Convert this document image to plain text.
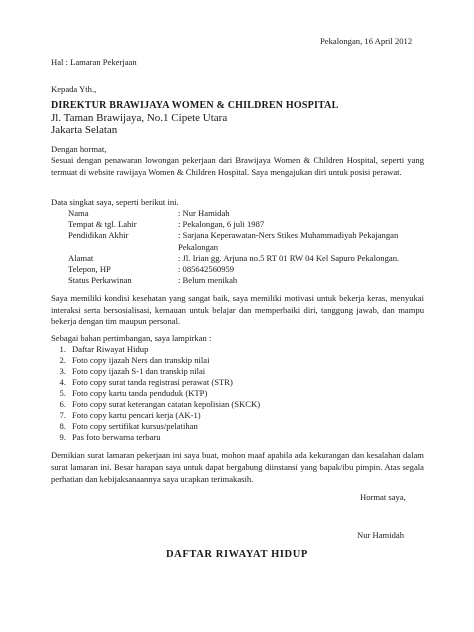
Pekalongan, 16 April 2012
Hal : Lamaran Pekerjaan
Kepada Yth.,
DIREKTUR BRAWIJAYA WOMEN & CHILDREN HOSPITAL
Jl. Taman Brawijaya, No.1 Cipete Utara
Jakarta Selatan
Dengan hormat,
Sesuai dengan penawaran lowongan pekerjaan dari Brawijaya Women & Children Hospital, seperti yang termuat di website rawijaya Women & Children Hospital. Saya mengajukan diri untuk posisi perawat.
Data singkat saya, seperti berikut ini.
Nama	: Nur Hamidah
Tempat & tgl. Lahir	: Pekalongan, 6 juli 1987
Pendidikan Akhir	: Sarjana Keperawatan-Ners Stikes Muhammadiyah Pekajangan Pekalongan
Alamat	: Jl. Irian gg. Arjuna no.5 RT 01 RW 04 Kel Sapuro Pekalongan.
Telepon, HP	: 085642560959
Status Perkawinan	: Belum menikah
Saya memiliki kondisi kesehatan yang sangat baik, saya memiliki motivasi untuk bekerja keras, menyukai interaksi serta bersosialisasi, kemauan untuk belajar dan memperbaiki diri, tanggung jawab, dan mampu bekerja dengan tim maupun personal.
Sebagai bahan pertimbangan, saya lampirkan :
1. Daftar Riwayat Hidup
2. Foto copy ijazah Ners dan transkip nilai
3. Foto copy ijazah S-1 dan transkip nilai
4. Foto copy surat tanda registrasi perawat (STR)
5. Foto copy kartu tanda penduduk (KTP)
6. Foto copy surat keterangan catatan kepolisian (SKCK)
7. Foto copy kartu pencari kerja (AK-1)
8. Foto copy sertifikat kursus/pelatihan
9. Pas foto berwarna terbaru
Demikian surat lamaran pekerjaan ini saya buat, mohon maaf apabila ada kekurangan dan kesalahan dalam surat lamaran ini. Besar harapan saya untuk dapat bergabung diinstansi yang bapak/ibu pimpin. Atas segala perhatian dan kebijaksanaannya saya ucapkan terimakasih.
Hormat saya,
Nur Hamidah
DAFTAR RIWAYAT HIDUP
